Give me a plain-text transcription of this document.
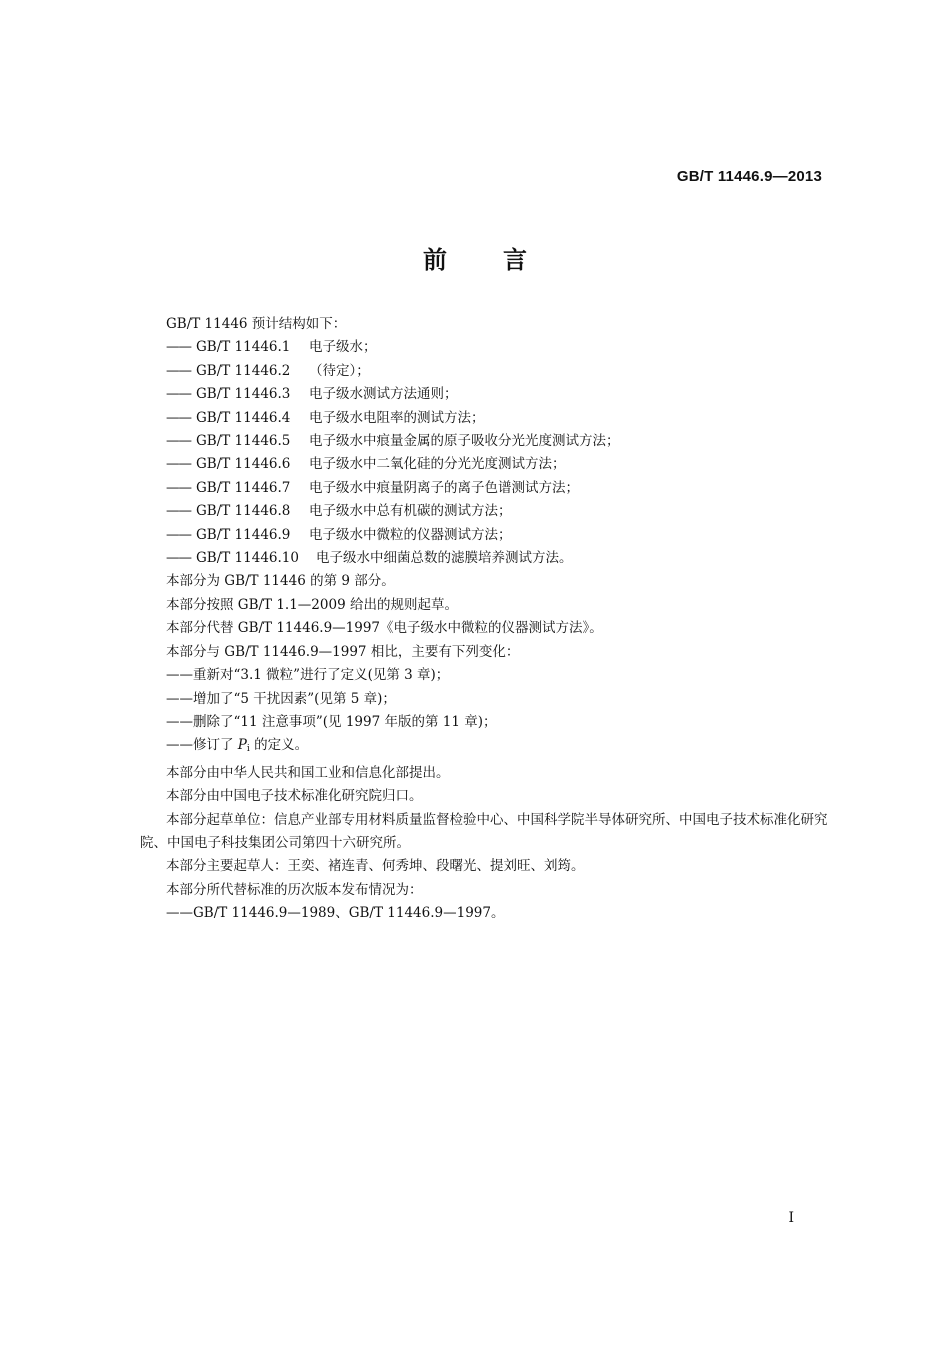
GB/T 11446.9—2013
前 言
GB/T 11446 预计结构如下：
—— GB/T 11446.1 电子级水；
—— GB/T 11446.2 （待定）；
—— GB/T 11446.3 电子级水测试方法通则；
—— GB/T 11446.4 电子级水电阻率的测试方法；
—— GB/T 11446.5 电子级水中痕量金属的原子吸收分光光度测试方法；
—— GB/T 11446.6 电子级水中二氧化硅的分光光度测试方法；
—— GB/T 11446.7 电子级水中痕量阴离子的离子色谱测试方法；
—— GB/T 11446.8 电子级水中总有机碳的测试方法；
—— GB/T 11446.9 电子级水中微粒的仪器测试方法；
—— GB/T 11446.10 电子级水中细菌总数的滤膜培养测试方法。
本部分为 GB/T 11446 的第 9 部分。
本部分按照 GB/T 1.1—2009 给出的规则起草。
本部分代替 GB/T 11446.9—1997《电子级水中微粒的仪器测试方法》。
本部分与 GB/T 11446.9—1997 相比，主要有下列变化：
——重新对“3.1 微粒”进行了定义(见第 3 章)；
——增加了“5 干扰因素”(见第 5 章)；
——删除了“11 注意事项”(见 1997 年版的第 11 章)；
——修订了 $P_i$ 的定义。
本部分由中华人民共和国工业和信息化部提出。
本部分由中国电子技术标准化研究院归口。
本部分起草单位：信息产业部专用材料质量监督检验中心、中国科学院半导体研究所、中国电子技术标准化研究院、中国电子科技集团公司第四十六研究所。
本部分主要起草人：王奕、褚连青、何秀坤、段曙光、提刘旺、刘筠。
本部分所代替标准的历次版本发布情况为：
——GB/T 11446.9—1989、GB/T 11446.9—1997。
I
